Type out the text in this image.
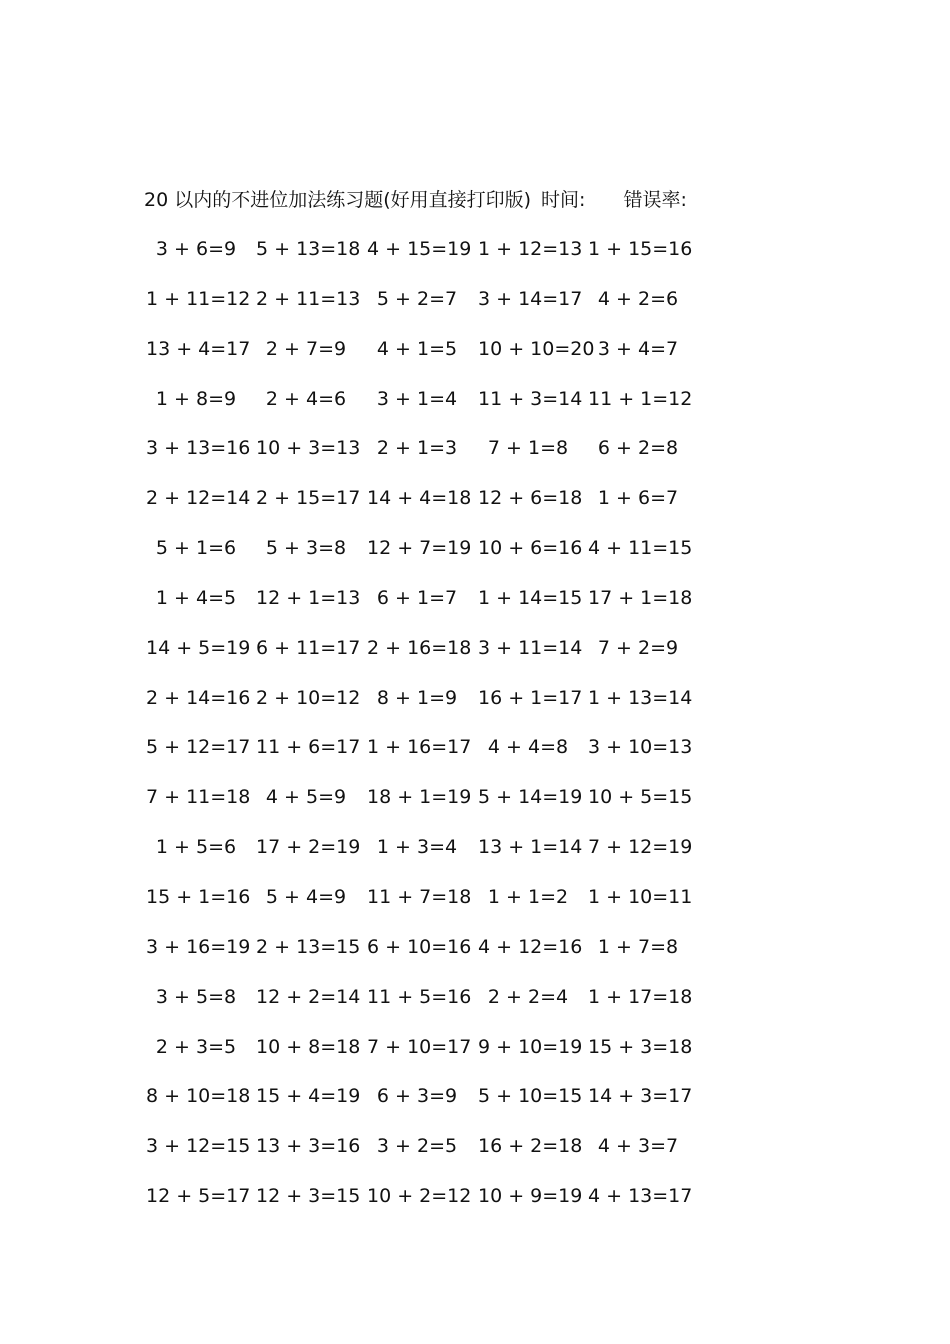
20 以内的不进位加法练习题(好用直接打印版) 时间: 错误率:
3 + 6=9	5 + 13=18 4 + 15=19 1 + 12=13 1 + 15=16
1 + 11=12 2 + 11=13 5 + 2=7	3 + 14=17 4 + 2=6
13 + 4=17 2 + 7=9	4 + 1=5	10 + 10=20 3 + 4=7
1 + 8=9	2 + 4=6	3 + 1=4	11 + 3=14 11 + 1=12
3 + 13=16 10 + 3=13 2 + 1=3	7 + 1=8	6 + 2=8
2 + 12=14 2 + 15=17 14 + 4=18 12 + 6=18 1 + 6=7
5 + 1=6	5 + 3=8	12 + 7=19 10 + 6=16 4 + 11=15
1 + 4=5	12 + 1=13 6 + 1=7	1 + 14=15 17 + 1=18
14 + 5=19 6 + 11=17 2 + 16=18 3 + 11=14 7 + 2=9
2 + 14=16 2 + 10=12 8 + 1=9	16 + 1=17 1 + 13=14
5 + 12=17 11 + 6=17 1 + 16=17 4 + 4=8	3 + 10=13
7 + 11=18 4 + 5=9	18 + 1=19 5 + 14=19 10 + 5=15
1 + 5=6	17 + 2=19 1 + 3=4	13 + 1=14 7 + 12=19
15 + 1=16 5 + 4=9	11 + 7=18 1 + 1=2	1 + 10=11
3 + 16=19 2 + 13=15 6 + 10=16 4 + 12=16 1 + 7=8
3 + 5=8	12 + 2=14 11 + 5=16 2 + 2=4	1 + 17=18
2 + 3=5	10 + 8=18 7 + 10=17 9 + 10=19 15 + 3=18
8 + 10=18 15 + 4=19 6 + 3=9	5 + 10=15 14 + 3=17
3 + 12=15 13 + 3=16 3 + 2=5	16 + 2=18 4 + 3=7
12 + 5=17 12 + 3=15 10 + 2=12 10 + 9=19 4 + 13=17
